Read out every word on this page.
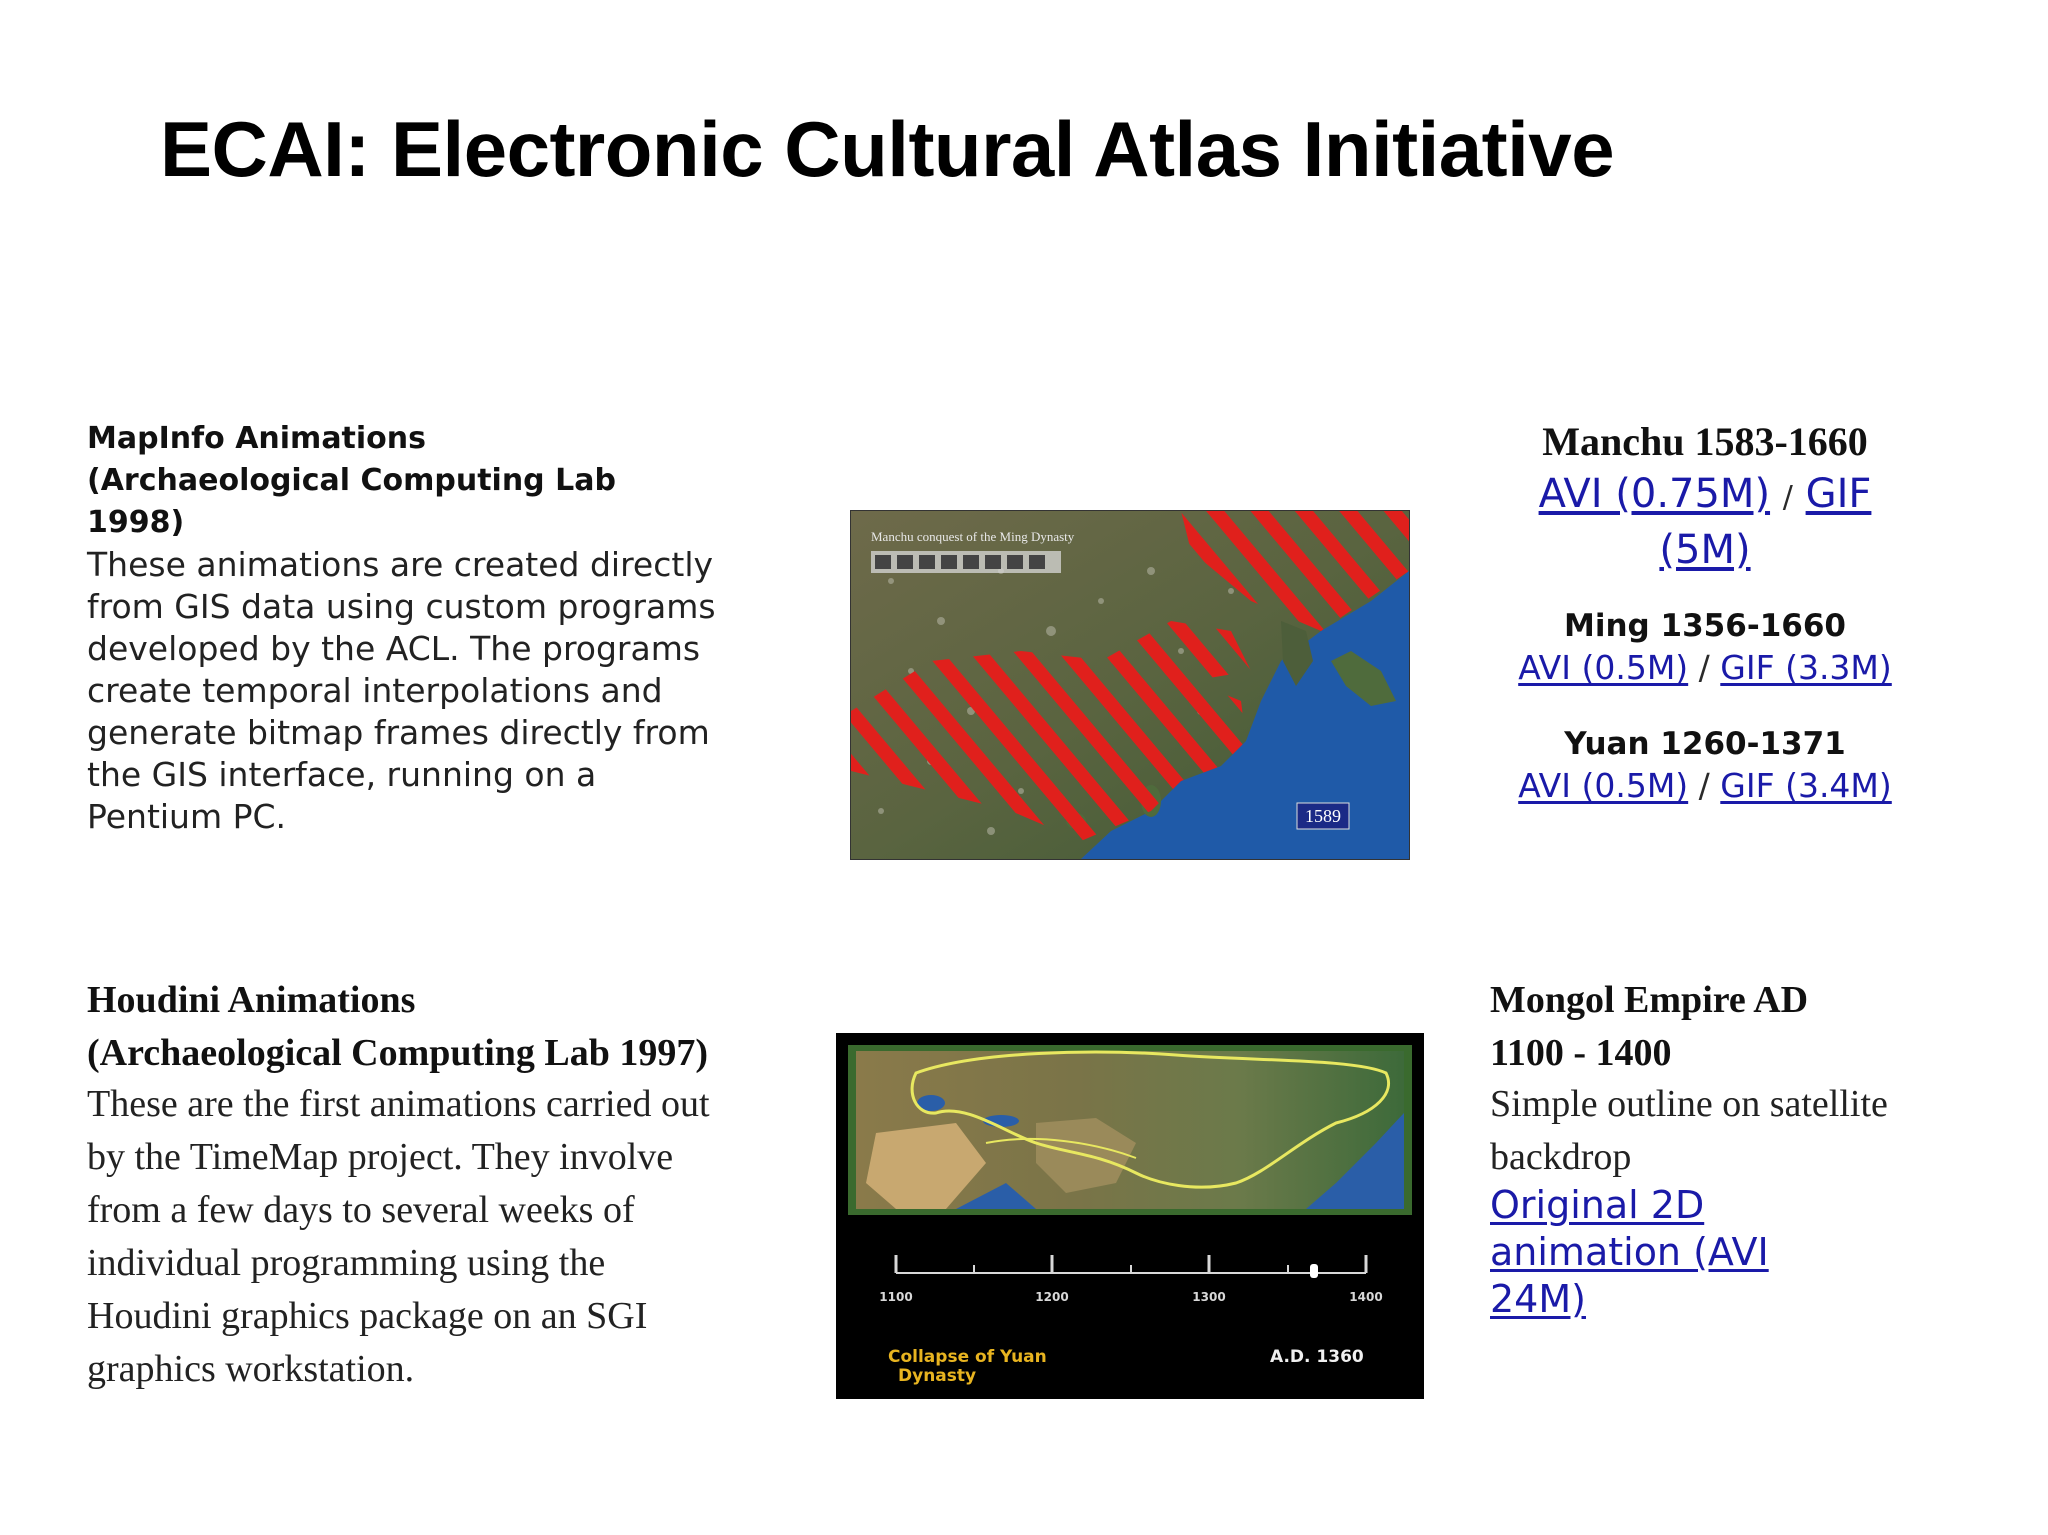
ECAI: Electronic Cultural Atlas Initiative
MapInfo Animations
(Archaeological Computing Lab
1998)
These animations are created directly
from GIS data using custom programs
developed by the ACL. The programs
create temporal interpolations and
generate bitmap frames directly from
the GIS interface, running on a
Pentium PC.
Manchu conquest of the Ming Dynasty
1589
Manchu 1583-1660
AVI (0.75M) / GIF
(5M)
Ming 1356-1660
AVI (0.5M) / GIF (3.3M)
Yuan 1260-1371
AVI (0.5M) / GIF (3.4M)
Houdini Animations
(Archaeological Computing Lab 1997)
These are the first animations carried out
by the TimeMap project. They involve
from a few days to several weeks of
individual programming using the
Houdini graphics package on an SGI
graphics workstation.
1100	1200	1300	1400
Collapse of Yuan
Dynasty
A.D. 1360
Mongol Empire AD
1100 - 1400
Simple outline on satellite
backdrop
Original 2D
animation (AVI
24M)
